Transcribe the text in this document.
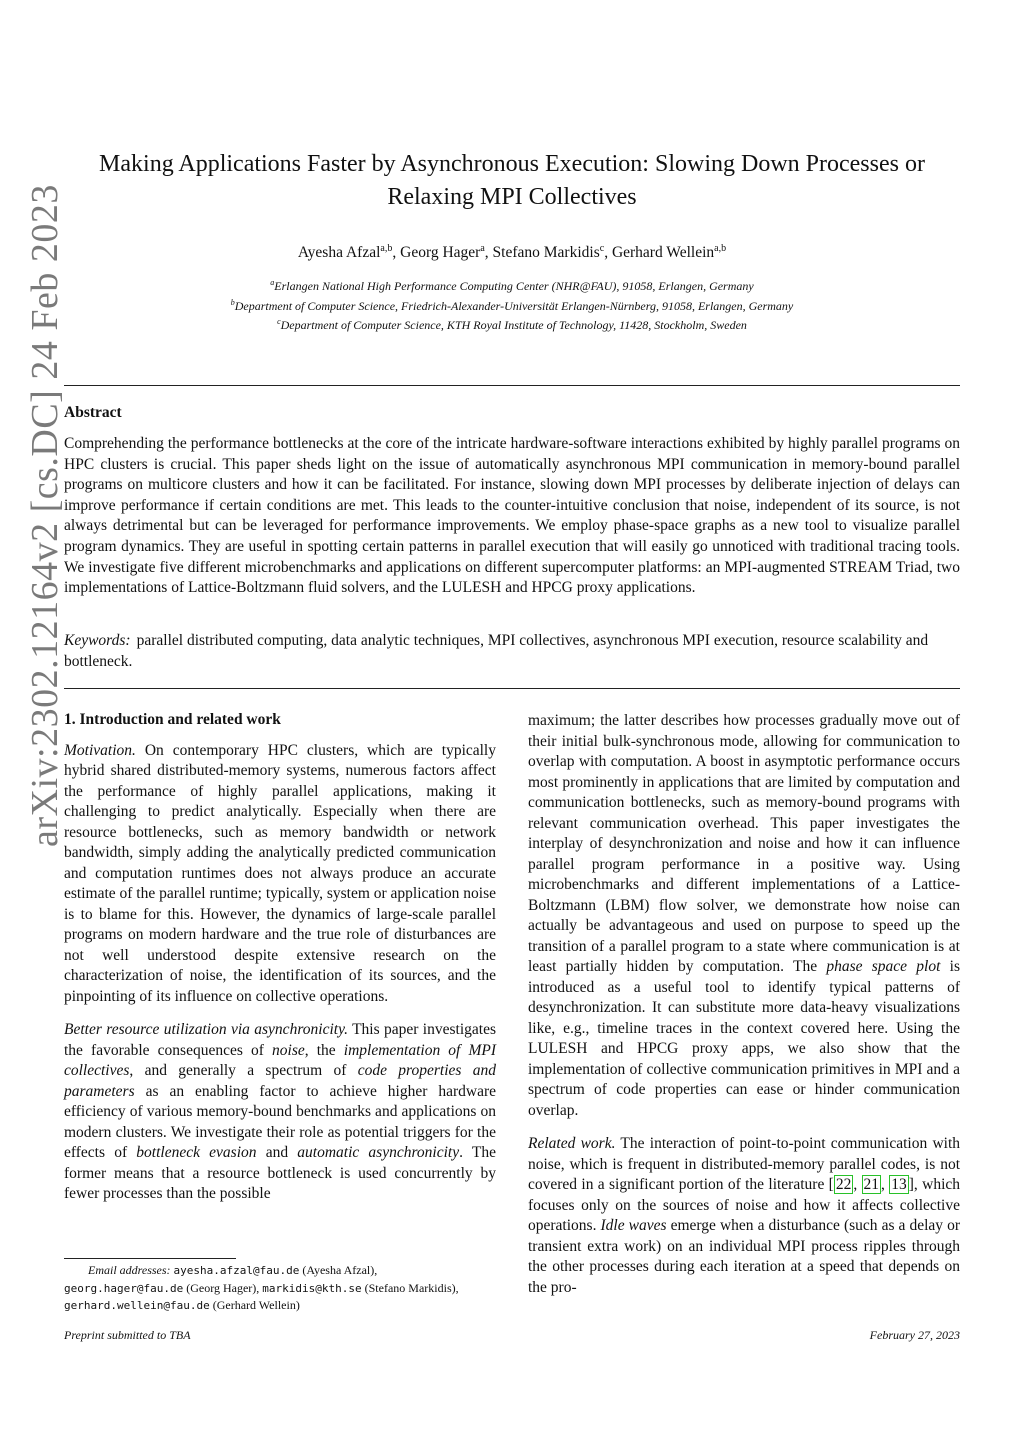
arXiv:2302.12164v2 [cs.DC] 24 Feb 2023
Making Applications Faster by Asynchronous Execution: Slowing Down Processes or Relaxing MPI Collectives
Ayesha Afzal$^{a,b}$, Georg Hager$^a$, Stefano Markidis$^c$, Gerhard Wellein$^{a,b}$
$^a$Erlangen National High Performance Computing Center (NHR@FAU), 91058, Erlangen, Germany
$^b$Department of Computer Science, Friedrich-Alexander-Universität Erlangen-Nürnberg, 91058, Erlangen, Germany
$^c$Department of Computer Science, KTH Royal Institute of Technology, 11428, Stockholm, Sweden
Abstract

Comprehending the performance bottlenecks at the core of the intricate hardware-software interactions exhibited by highly parallel programs on HPC clusters is crucial. This paper sheds light on the issue of automatically asynchronous MPI communication in memory-bound parallel programs on multicore clusters and how it can be facilitated. For instance, slowing down MPI processes by deliberate injection of delays can improve performance if certain conditions are met. This leads to the counter-intuitive conclusion that noise, independent of its source, is not always detrimental but can be leveraged for performance improvements. We employ phase-space graphs as a new tool to visualize parallel program dynamics. They are useful in spotting certain patterns in parallel execution that will easily go unnoticed with traditional tracing tools. We investigate five different microbenchmarks and applications on different supercomputer platforms: an MPI-augmented STREAM Triad, two implementations of Lattice-Boltzmann fluid solvers, and the LULESH and HPCG proxy applications.

Keywords: parallel distributed computing, data analytic techniques, MPI collectives, asynchronous MPI execution, resource scalability and bottleneck.

1. Introduction and related work

Motivation. On contemporary HPC clusters, which are typically hybrid shared distributed-memory systems, numerous factors affect the performance of highly parallel applications, making it challenging to predict analytically. Especially when there are resource bottlenecks, such as memory bandwidth or network bandwidth, simply adding the analytically predicted communication and computation runtimes does not always produce an accurate estimate of the parallel runtime; typically, system or application noise is to blame for this. However, the dynamics of large-scale parallel programs on modern hardware and the true role of disturbances are not well understood despite extensive research on the characterization of noise, the identification of its sources, and the pinpointing of its influence on collective operations.

Better resource utilization via asynchronicity. This paper investigates the favorable consequences of noise, the implementation of MPI collectives, and generally a spectrum of code properties and parameters as an enabling factor to achieve higher hardware efficiency of various memory-bound benchmarks and applications on modern clusters. We investigate their role as potential triggers for the effects of bottleneck evasion and automatic asynchronicity. The former means that a resource bottleneck is used concurrently by fewer processes than the possible

maximum; the latter describes how processes gradually move out of their initial bulk-synchronous mode, allowing for communication to overlap with computation. A boost in asymptotic performance occurs most prominently in applications that are limited by computation and communication bottlenecks, such as memory-bound programs with relevant communication overhead. This paper investigates the interplay of desynchronization and noise and how it can influence parallel program performance in a positive way. Using microbenchmarks and different implementations of a Lattice-Boltzmann (LBM) flow solver, we demonstrate how noise can actually be advantageous and used on purpose to speed up the transition of a parallel program to a state where communication is at least partially hidden by computation. The phase space plot is introduced as a useful tool to identify typical patterns of desynchronization. It can substitute more data-heavy visualizations like, e.g., timeline traces in the context covered here. Using the LULESH and HPCG proxy apps, we also show that the implementation of collective communication primitives in MPI and a spectrum of code properties can ease or hinder communication overlap.

Related work. The interaction of point-to-point communication with noise, which is frequent in distributed-memory parallel codes, is not covered in a significant portion of the literature [ 22 , 21 , 13 ], which focuses only on the sources of noise and how it affects collective operations. Idle waves emerge when a disturbance (such as a delay or transient extra work) on an individual MPI process ripples through the other processes during each iteration at a speed that depends on the pro-

Email addresses: ayesha.afzal@fau.de (Ayesha Afzal),
georg.hager@fau.de (Georg Hager), markidis@kth.se (Stefano Markidis), gerhard.wellein@fau.de (Gerhard Wellein)

Preprint submitted to TBA	February 27, 2023
